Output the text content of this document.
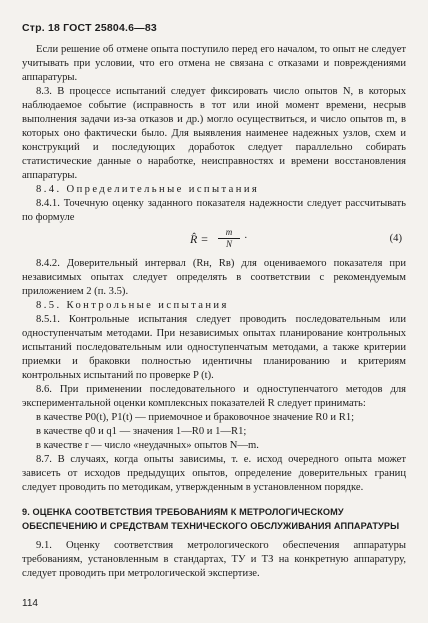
Стр. 18 ГОСТ 25804.6—83

Если решение об отмене опыта поступило перед его началом, то опыт не следует учитывать при условии, что его отмена не связана с отказами и повреждениями аппаратуры.

8.3. В процессе испытаний следует фиксировать число опытов N, в которых наблюдаемое событие (исправность в тот или иной момент времени, несрыв выполнения задачи из-за отказов и др.) могло осуществиться, и число опытов m, в которых оно фактически было. Для выявления наименее надежных узлов, схем и конструкций и последующих доработок следует параллельно собирать статистические данные о наработке, неисправностях и времени восстановления аппаратуры.

8.4. Определительные испытания

8.4.1. Точечную оценку заданного показателя надежности следует рассчитывать по формуле

R̂ = $\frac{m}{N}$ ·	(4)

8.4.2. Доверительный интервал (Rн, Rв) для оцениваемого показателя при независимых опытах следует определять в соответствии с рекомендуемым приложением 2 (п. 3.5).

8.5. Контрольные испытания

8.5.1. Контрольные испытания следует проводить последовательным или одноступенчатым методами. При независимых опытах планирование контрольных испытаний последовательным или одноступенчатым методами, а также критерии приемки и браковки полностью идентичны планированию и критериям контрольных испытаний по проверке P (t).

8.6. При применении последовательного и одноступенчатого методов для экспериментальной оценки комплексных показателей R следует принимать:

в качестве P0(t), P1(t) — приемочное и браковочное значение R0 и R1;

в качестве q0 и q1 — значения 1—R0 и 1—R1;

в качестве r — число «неудачных» опытов N—m.

8.7. В случаях, когда опыты зависимы, т. е. исход очередного опыта может зависеть от исходов предыдущих опытов, определение доверительных границ следует проводить по методикам, утвержденным в установленном порядке.

9. ОЦЕНКА СООТВЕТСТВИЯ ТРЕБОВАНИЯМ К МЕТРОЛОГИЧЕСКОМУ ОБЕСПЕЧЕНИЮ И СРЕДСТВАМ ТЕХНИЧЕСКОГО ОБСЛУЖИВАНИЯ АППАРАТУРЫ

9.1. Оценку соответствия метрологического обеспечения аппаратуры требованиям, установленным в стандартах, ТУ и ТЗ на конкретную аппаратуру, следует проводить при метрологической экспертизе.

114
